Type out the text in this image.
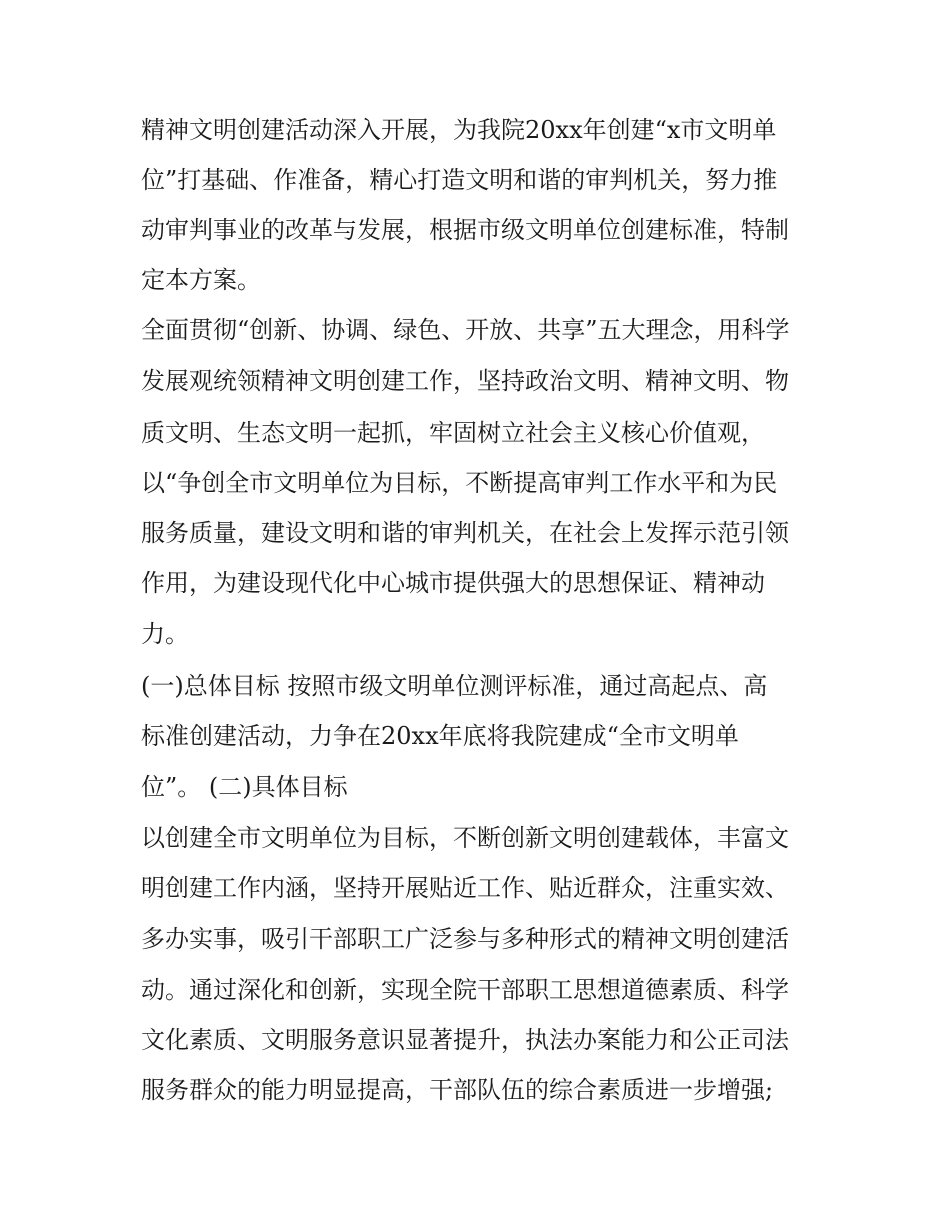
精神文明创建活动深入开展，为我院20xx年创建“x市文明单
位”打基础、作准备，精心打造文明和谐的审判机关，努力推
动审判事业的改革与发展，根据市级文明单位创建标准，特制
定本方案。
全面贯彻“创新、协调、绿色、开放、共享”五大理念，用科学
发展观统领精神文明创建工作，坚持政治文明、精神文明、物
质文明、生态文明一起抓，牢固树立社会主义核心价值观，
以“争创全市文明单位为目标，不断提高审判工作水平和为民
服务质量，建设文明和谐的审判机关，在社会上发挥示范引领
作用，为建设现代化中心城市提供强大的思想保证、精神动
力。
(一)总体目标 按照市级文明单位测评标准，通过高起点、高
标准创建活动，力争在20xx年底将我院建成“全市文明单
位”。 (二)具体目标
以创建全市文明单位为目标，不断创新文明创建载体，丰富文
明创建工作内涵，坚持开展贴近工作、贴近群众，注重实效、
多办实事，吸引干部职工广泛参与多种形式的精神文明创建活
动。通过深化和创新，实现全院干部职工思想道德素质、科学
文化素质、文明服务意识显著提升，执法办案能力和公正司法
服务群众的能力明显提高，干部队伍的综合素质进一步增强;
